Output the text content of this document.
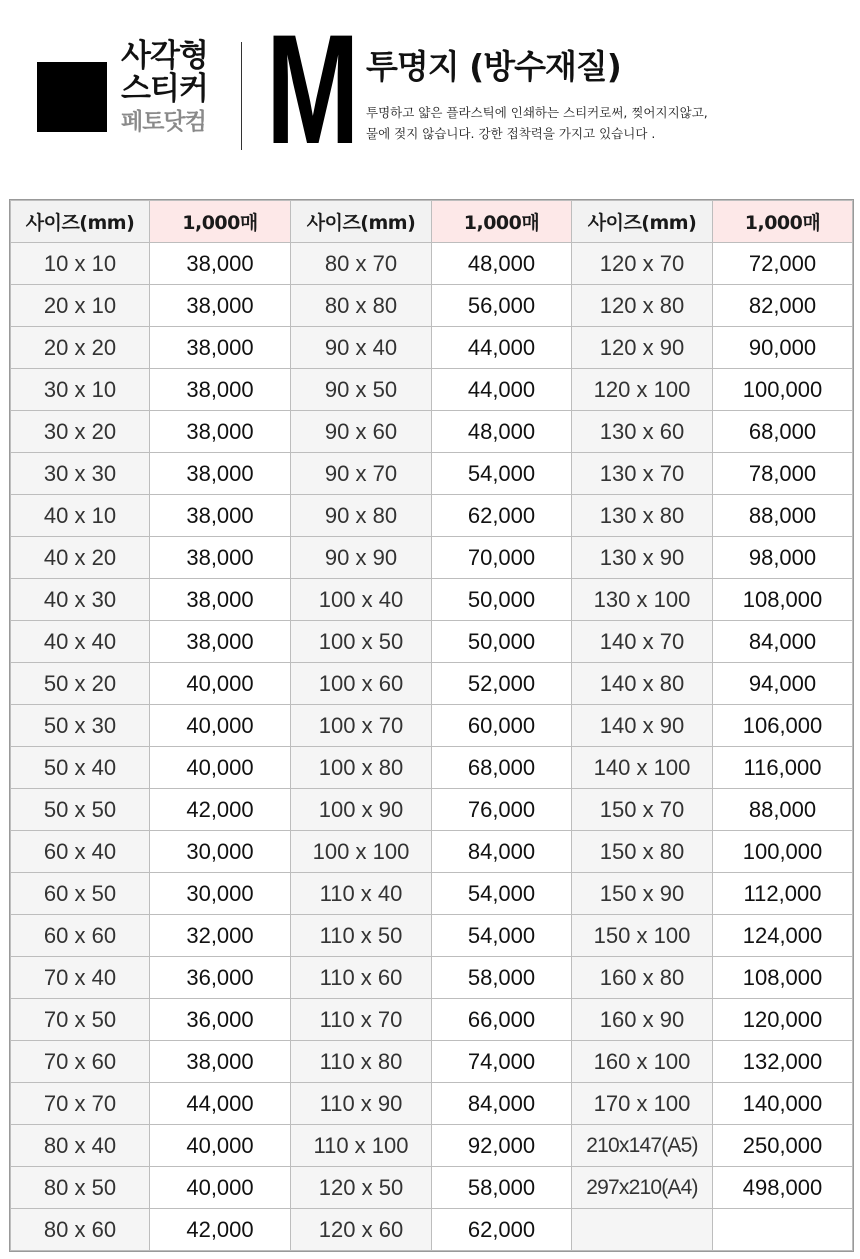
사각형
스티커
페토닷컴 M 투명지 (방수재질)
투명하고 얇은 플라스틱에 인쇄하는 스티커로써, 찢어지지않고,
물에 젖지 않습니다. 강한 접착력을 가지고 있습니다 .
사이즈(mm)	1,000매	사이즈(mm)	1,000매	사이즈(mm)	1,000매
10 x 10	38,000	80 x 70	48,000	120 x 70	72,000
20 x 10	38,000	80 x 80	56,000	120 x 80	82,000
20 x 20	38,000	90 x 40	44,000	120 x 90	90,000
30 x 10	38,000	90 x 50	44,000	120 x 100	100,000
30 x 20	38,000	90 x 60	48,000	130 x 60	68,000
30 x 30	38,000	90 x 70	54,000	130 x 70	78,000
40 x 10	38,000	90 x 80	62,000	130 x 80	88,000
40 x 20	38,000	90 x 90	70,000	130 x 90	98,000
40 x 30	38,000	100 x 40	50,000	130 x 100	108,000
40 x 40	38,000	100 x 50	50,000	140 x 70	84,000
50 x 20	40,000	100 x 60	52,000	140 x 80	94,000
50 x 30	40,000	100 x 70	60,000	140 x 90	106,000
50 x 40	40,000	100 x 80	68,000	140 x 100	116,000
50 x 50	42,000	100 x 90	76,000	150 x 70	88,000
60 x 40	30,000	100 x 100	84,000	150 x 80	100,000
60 x 50	30,000	110 x 40	54,000	150 x 90	112,000
60 x 60	32,000	110 x 50	54,000	150 x 100	124,000
70 x 40	36,000	110 x 60	58,000	160 x 80	108,000
70 x 50	36,000	110 x 70	66,000	160 x 90	120,000
70 x 60	38,000	110 x 80	74,000	160 x 100	132,000
70 x 70	44,000	110 x 90	84,000	170 x 100	140,000
80 x 40	40,000	110 x 100	92,000	210x147(A5)	250,000
80 x 50	40,000	120 x 50	58,000	297x210(A4)	498,000
80 x 60	42,000	120 x 60	62,000		
